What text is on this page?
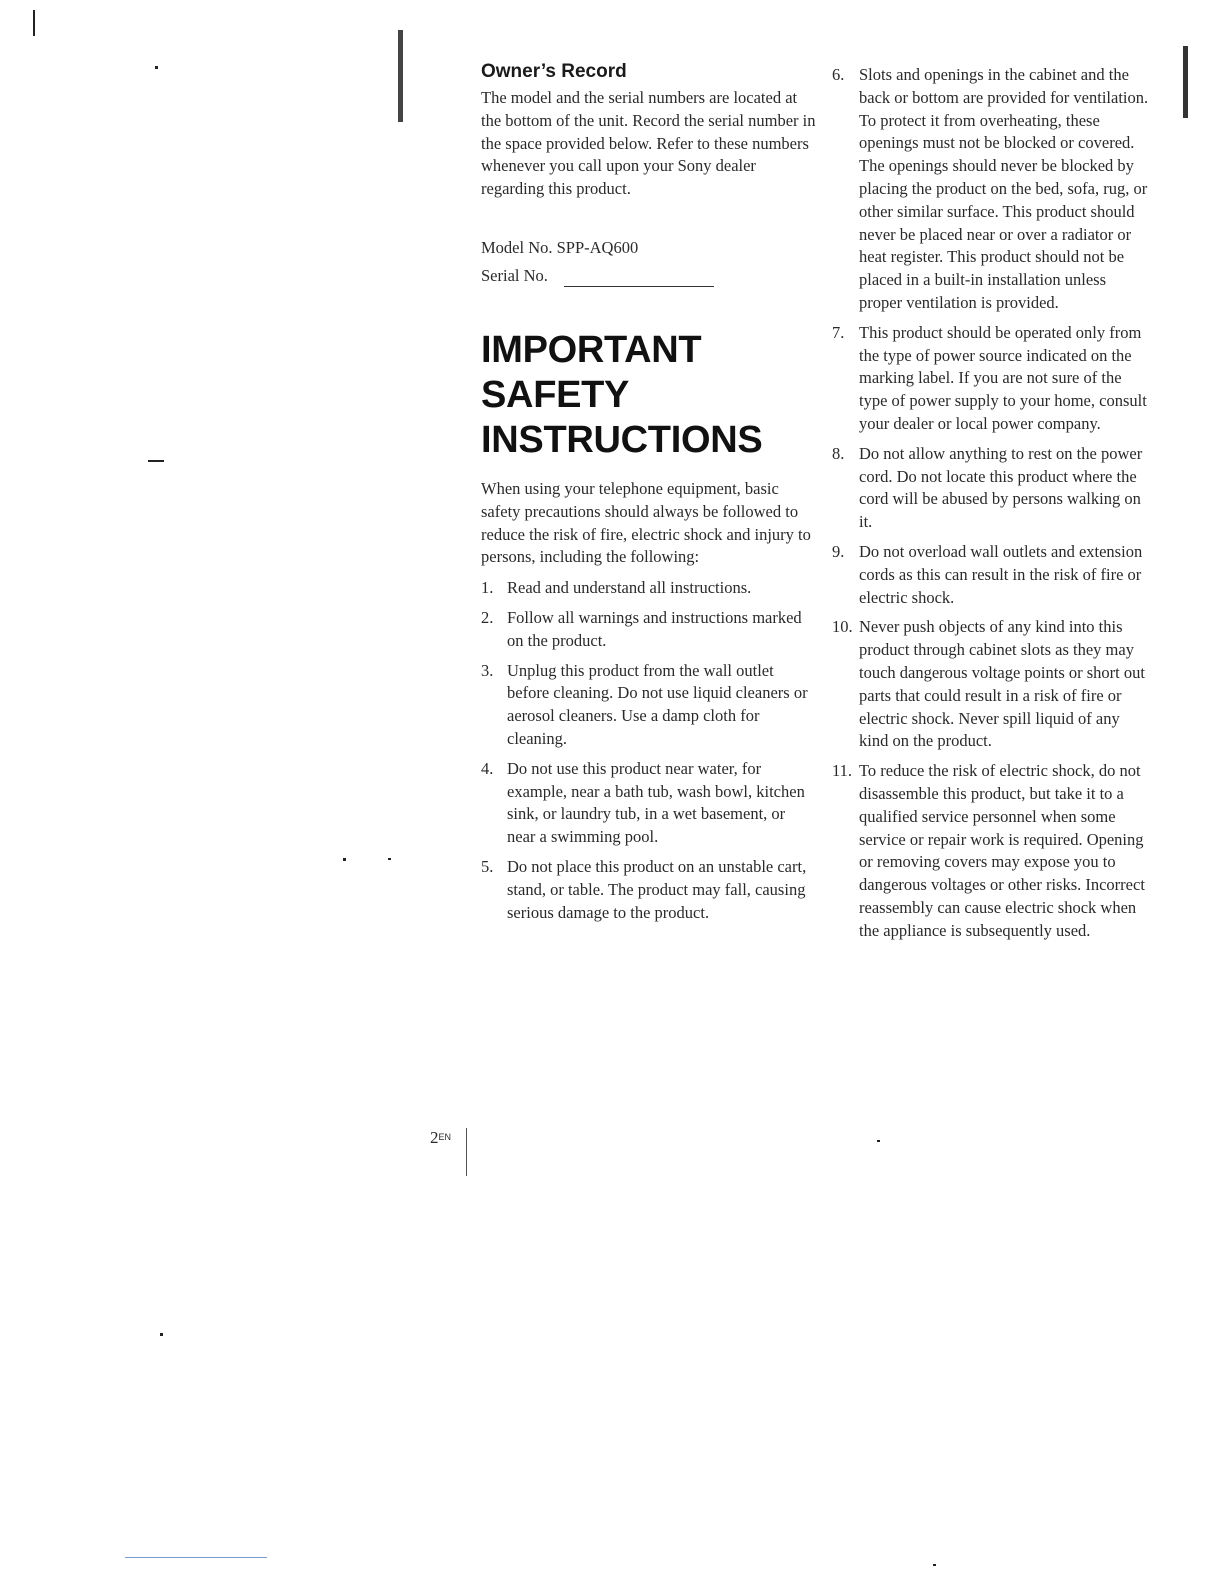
Owner’s Record

The model and the serial numbers are located at the bottom of the unit. Record the serial number in the space provided below. Refer to these numbers whenever you call upon your Sony dealer regarding this product.

Model No. SPP-AQ600

Serial No.
IMPORTANT
SAFETY
INSTRUCTIONS

When using your telephone equipment, basic safety precautions should always be followed to reduce the risk of fire, electric shock and injury to persons, including the following:

1. Read and understand all instructions.
2. Follow all warnings and instructions marked on the product.
3. Unplug this product from the wall outlet before cleaning. Do not use liquid cleaners or aerosol cleaners. Use a damp cloth for cleaning.
4. Do not use this product near water, for example, near a bath tub, wash bowl, kitchen sink, or laundry tub, in a wet basement, or near a swimming pool.
5. Do not place this product on an unstable cart, stand, or table. The product may fall, causing serious damage to the product.
6. Slots and openings in the cabinet and the back or bottom are provided for ventilation. To protect it from overheating, these openings must not be blocked or covered. The openings should never be blocked by placing the product on the bed, sofa, rug, or other similar surface. This product should never be placed near or over a radiator or heat register. This product should not be placed in a built-in installation unless proper ventilation is provided.
7. This product should be operated only from the type of power source indicated on the marking label. If you are not sure of the type of power supply to your home, consult your dealer or local power company.
8. Do not allow anything to rest on the power cord. Do not locate this product where the cord will be abused by persons walking on it.
9. Do not overload wall outlets and extension cords as this can result in the risk of fire or electric shock.
10. Never push objects of any kind into this product through cabinet slots as they may touch dangerous voltage points or short out parts that could result in a risk of fire or electric shock. Never spill liquid of any kind on the product.
11. To reduce the risk of electric shock, do not disassemble this product, but take it to a qualified service personnel when some service or repair work is required. Opening or removing covers may expose you to dangerous voltages or other risks. Incorrect reassembly can cause electric shock when the appliance is subsequently used.
$2^{EN}$
